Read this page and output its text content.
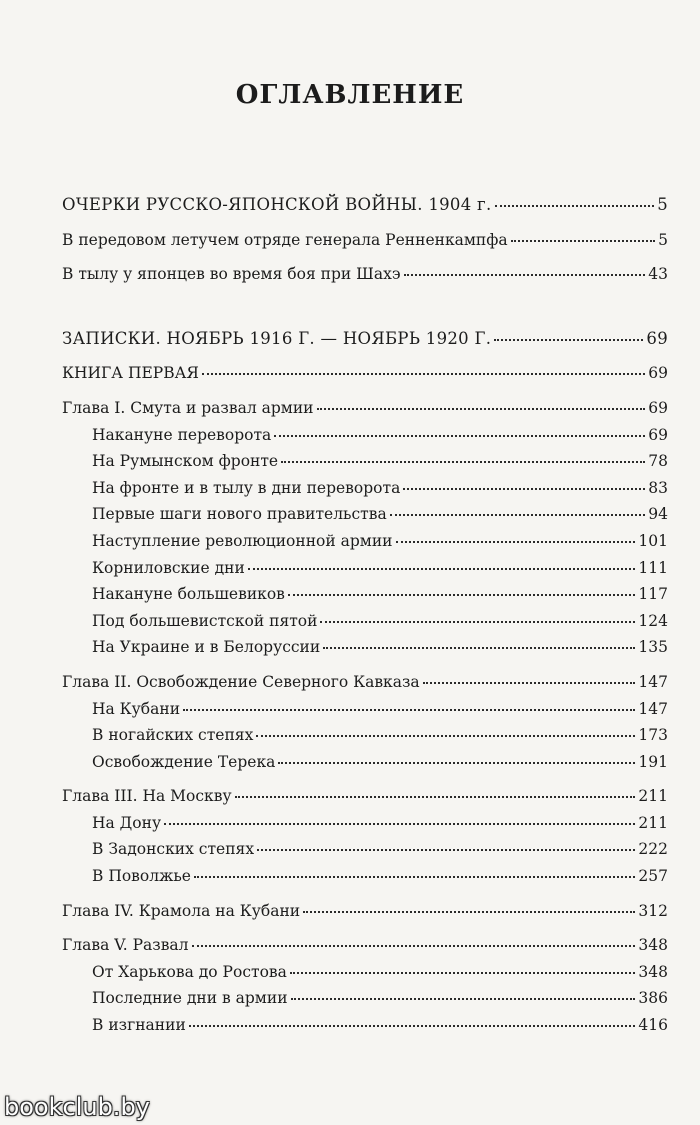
ОГЛАВЛЕНИЕ
ОЧЕРКИ РУССКО-ЯПОНСКОЙ ВОЙНЫ. 1904 г.	5
В передовом летучем отряде генерала Ренненкампфа	5
В тылу у японцев во время боя при Шахэ	43
ЗАПИСКИ. НОЯБРЬ 1916 Г. — НОЯБРЬ 1920 Г.	69
КНИГА ПЕРВАЯ	69
Глава I. Смута и развал армии	69
Накануне переворота	69
На Румынском фронте	78
На фронте и в тылу в дни переворота	83
Первые шаги нового правительства	94
Наступление революционной армии	101
Корниловские дни	111
Накануне большевиков	117
Под большевистской пятой	124
На Украине и в Белоруссии	135
Глава II. Освобождение Северного Кавказа	147
На Кубани	147
В ногайских степях	173
Освобождение Терека	191
Глава III. На Москву	211
На Дону	211
В Задонских степях	222
В Поволжье	257
Глава IV. Крамола на Кубани	312
Глава V. Развал	348
От Харькова до Ростова	348
Последние дни в армии	386
В изгнании	416
bookclub.by
